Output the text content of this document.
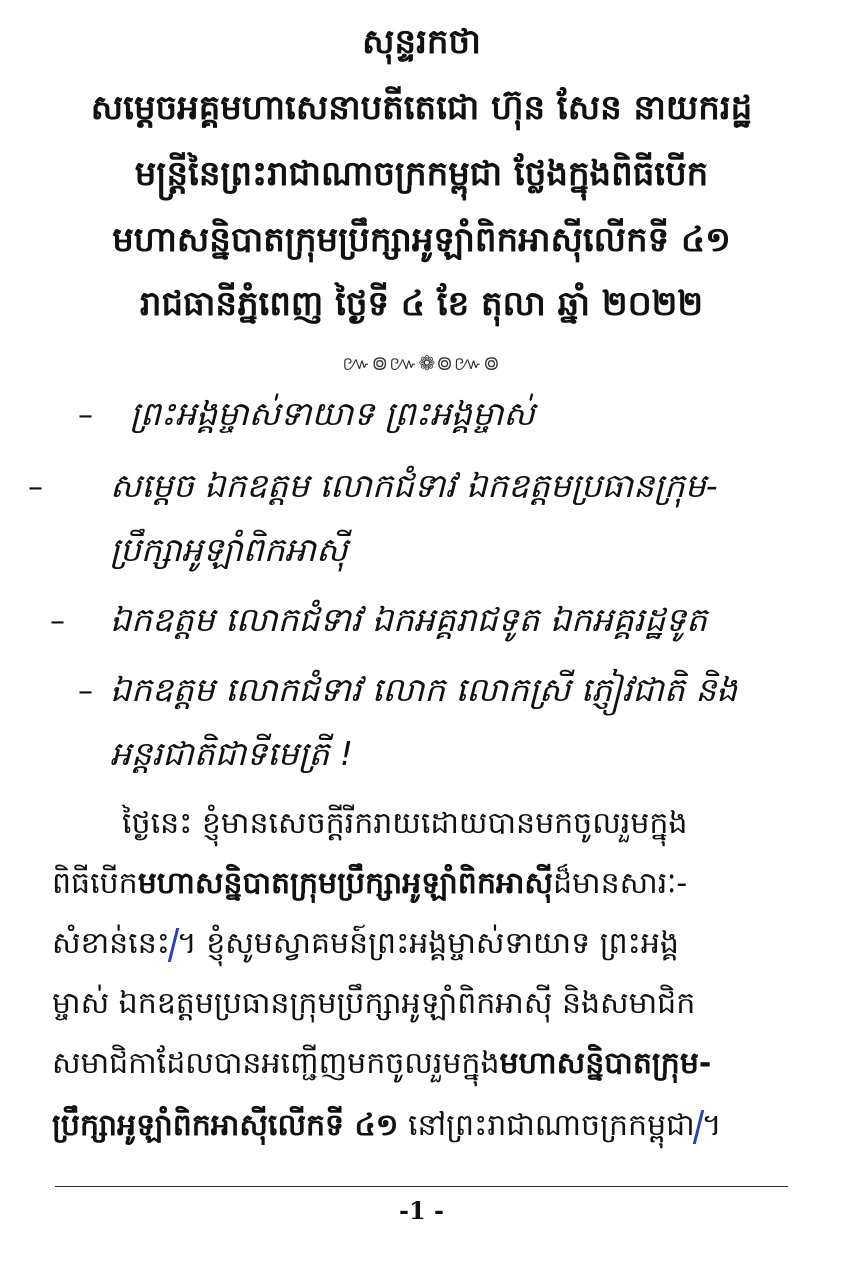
សុន្ទរកថា
សម្តេចអគ្គមហាសេនាបតីតេជោ ហ៊ុន សែន នាយករដ្ឋ
មន្ត្រីនៃព្រះរាជាណាចក្រកម្ពុជា ថ្លែងក្នុងពិធីបើក
មហាសន្និបាតក្រុមប្រឹក្សាអូឡាំពិកអាស៊ីលើកទី ៤១
រាជធានីភ្នំពេញ ថ្ងៃទី ៤ ខែ តុលា ឆ្នាំ ២០២២
៚៙៚❁៙៚៙
– ព្រះអង្គម្ចាស់ទាយាទ ព្រះអង្គម្ចាស់
– សម្តេច ឯកឧត្តម លោកជំទាវ ឯកឧត្តមប្រធានក្រុម-
ប្រឹក្សាអូឡាំពិកអាស៊ី
– ឯកឧត្តម លោកជំទាវ ឯកអគ្គរាជទូត ឯកអគ្គរដ្ឋទូត
– ឯកឧត្តម លោកជំទាវ លោក លោកស្រី ភ្ញៀវជាតិ និង
អន្តរជាតិជាទីមេត្រី !
ថ្ងៃនេះ ខ្ញុំមានសេចក្តីរីករាយដោយបានមកចូលរួមក្នុង
ពិធីបើកមហាសន្និបាតក្រុមប្រឹក្សាអូឡាំពិកអាស៊ីដ៏មានសារៈ-
សំខាន់នេះ ។ ខ្ញុំសូមស្វាគមន៍ព្រះអង្គម្ចាស់ទាយាទ ព្រះអង្គ
ម្ចាស់ ឯកឧត្តមប្រធានក្រុមប្រឹក្សាអូឡាំពិកអាស៊ី និងសមាជិក
សមាជិកាដែលបានអញ្ជើញមកចូលរួមក្នុងមហាសន្និបាតក្រុម-
ប្រឹក្សាអូឡាំពិកអាស៊ីលើកទី ៤១ នៅព្រះរាជាណាចក្រកម្ពុជា ។
-1 -
